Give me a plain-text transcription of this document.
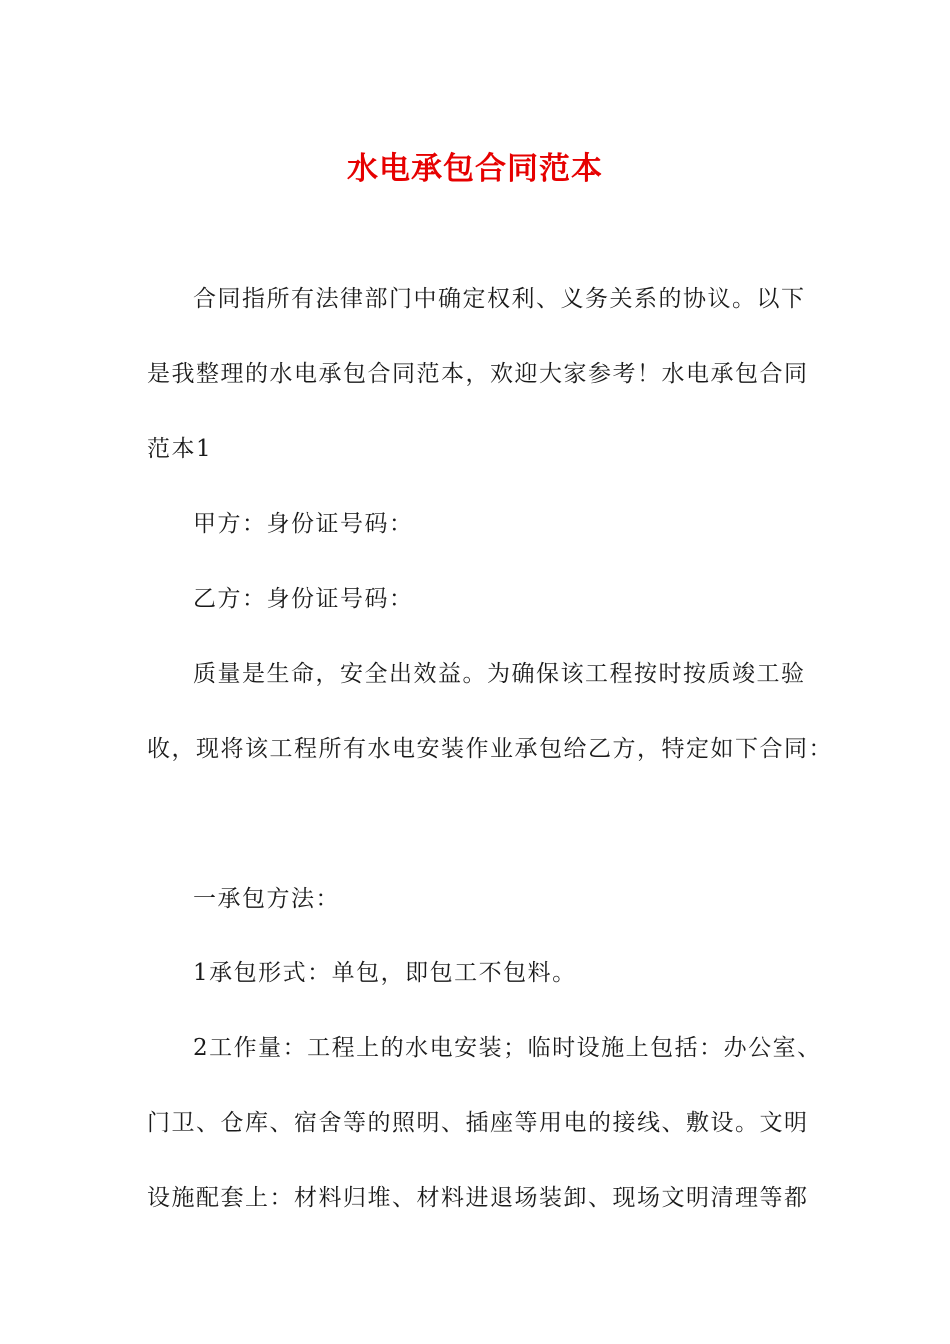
水电承包合同范本
合同指所有法律部门中确定权利、义务关系的协议。以下
是我整理的水电承包合同范本，欢迎大家参考！水电承包合同
范本1
甲方：身份证号码：
乙方：身份证号码：
质量是生命，安全出效益。为确保该工程按时按质竣工验
收，现将该工程所有水电安装作业承包给乙方，特定如下合同：
一承包方法：
1承包形式：单包，即包工不包料。
2工作量：工程上的水电安装；临时设施上包括：办公室、
门卫、仓库、宿舍等的照明、插座等用电的接线、敷设。文明
设施配套上：材料归堆、材料进退场装卸、现场文明清理等都
